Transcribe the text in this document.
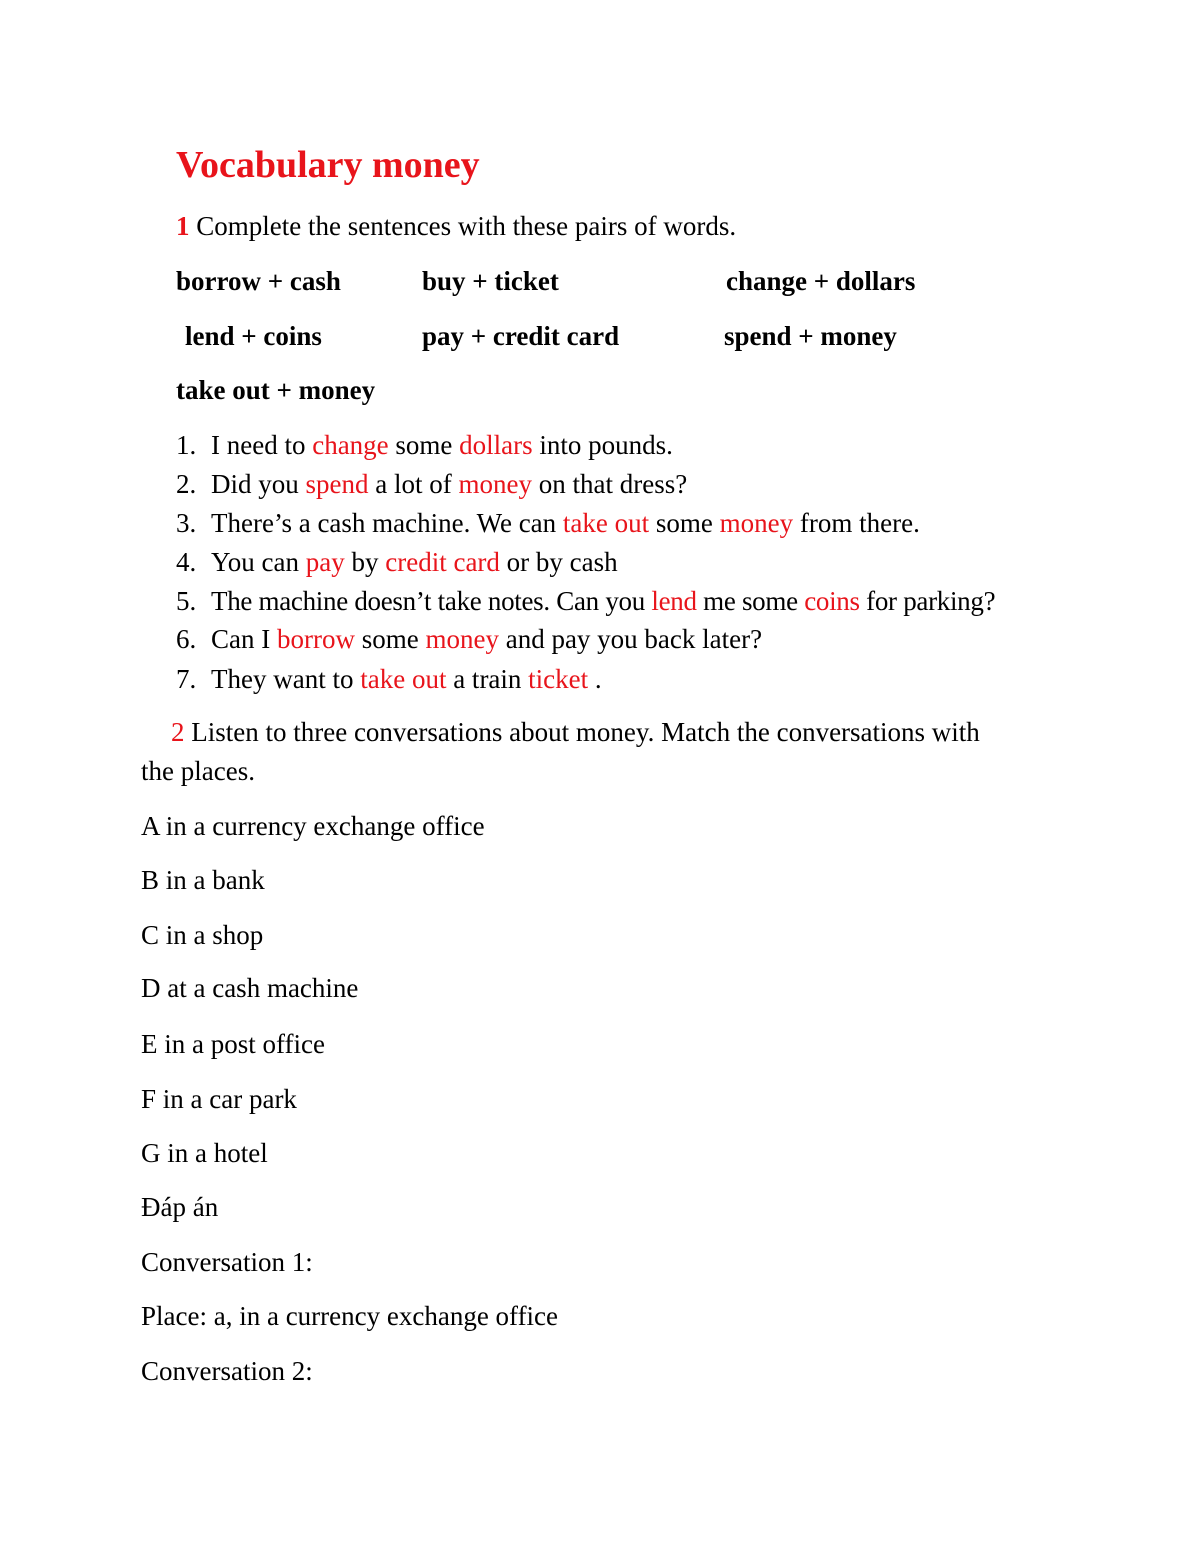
Vocabulary money
1 Complete the sentences with these pairs of words.
borrow + cash	buy + ticket	change + dollars
lend + coins	pay + credit card	spend + money
take out + money
1. I need to change some dollars into pounds.
2. Did you spend a lot of money on that dress?
3. There’s a cash machine. We can take out some money from there.
4. You can pay by credit card or by cash
5. The machine doesn’t take notes. Can you lend me some coins for parking?
6. Can I borrow some money and pay you back later?
7. They want to take out a train ticket .
2 Listen to three conversations about money. Match the conversations with
the places.
A in a currency exchange office
B in a bank
C in a shop
D at a cash machine
E in a post office
F in a car park
G in a hotel
Đáp án
Conversation 1:
Place: a, in a currency exchange office
Conversation 2:
